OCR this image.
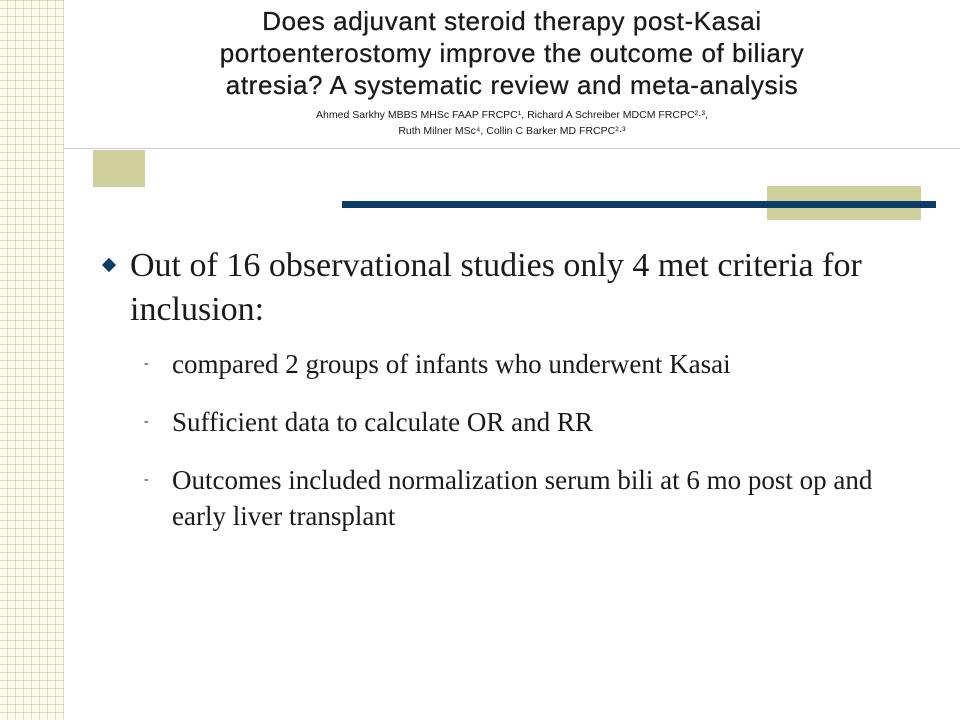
Does adjuvant steroid therapy post-Kasai
portoenterostomy improve the outcome of biliary
atresia? A systematic review and meta-analysis
Ahmed Sarkhy MBBS MHSc FAAP FRCPC¹, Richard A Schreiber MDCM FRCPC²·³,
Ruth Milner MSc⁴, Collin C Barker MD FRCPC²·³
Out of 16 observational studies only 4 met criteria for inclusion:
- compared 2 groups of infants who underwent Kasai
- Sufficient data to calculate OR and RR
- Outcomes included normalization serum bili at 6 mo post op and early liver transplant
